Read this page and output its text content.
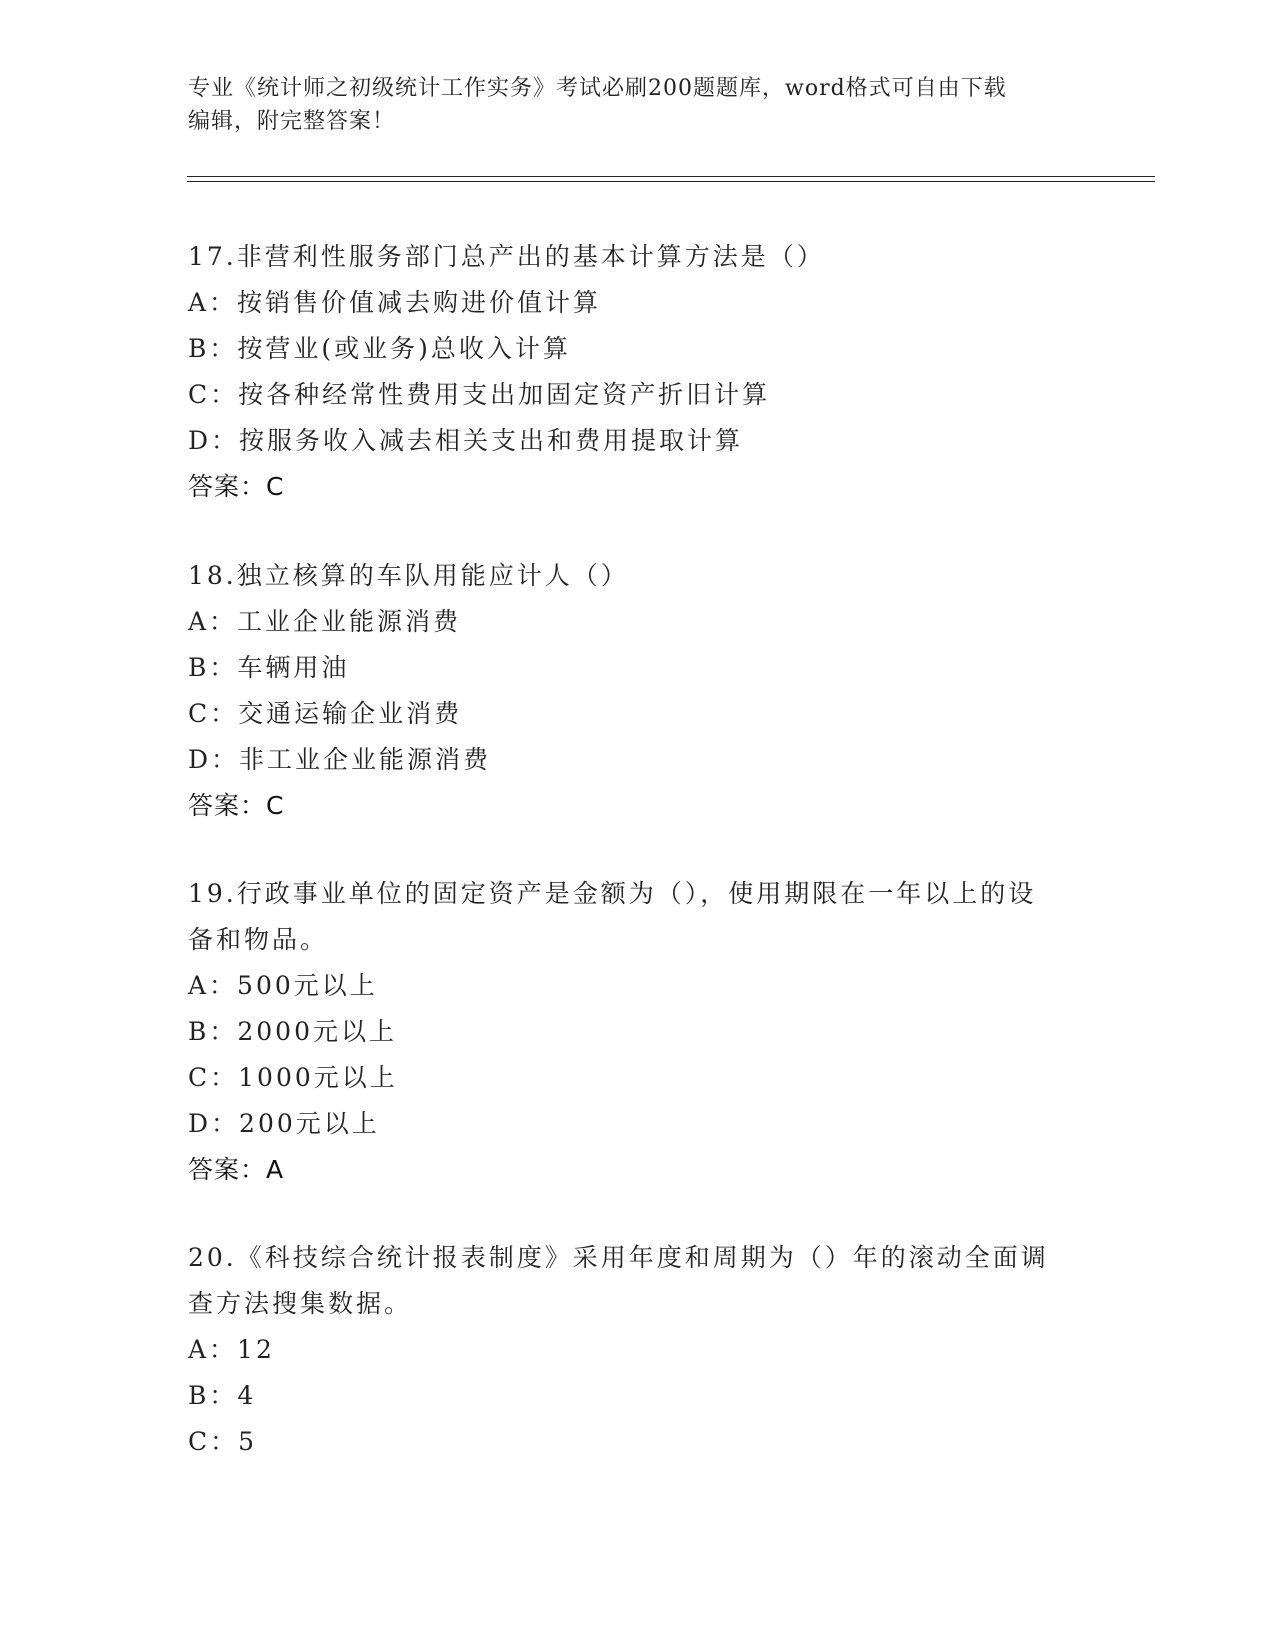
专业《统计师之初级统计工作实务》考试必刷200题题库，word格式可自由下载
编辑，附完整答案！

17.非营利性服务部门总产出的基本计算方法是（）

A：按销售价值减去购进价值计算

B：按营业(或业务)总收入计算

C：按各种经常性费用支出加固定资产折旧计算

D：按服务收入减去相关支出和费用提取计算

答案：C

18.独立核算的车队用能应计人（）

A：工业企业能源消费

B：车辆用油

C：交通运输企业消费

D：非工业企业能源消费

答案：C

19.行政事业单位的固定资产是金额为（），使用期限在一年以上的设

备和物品。

A：500元以上

B：2000元以上

C：1000元以上

D：200元以上

答案：A

20.《科技综合统计报表制度》采用年度和周期为（）年的滚动全面调

查方法搜集数据。

A：12

B：4

C：5
